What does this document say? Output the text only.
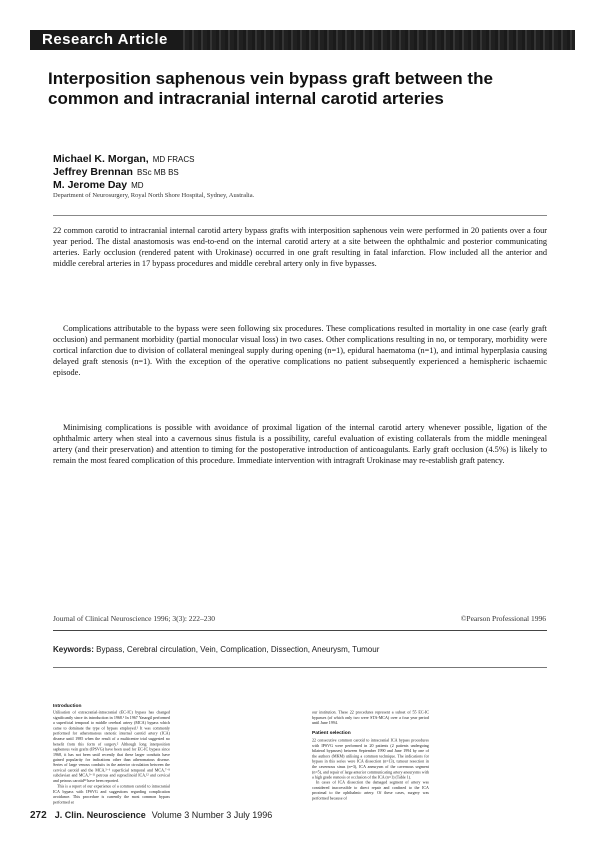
Research Article
Interposition saphenous vein bypass graft between the common and intracranial internal carotid arteries
Michael K. Morgan, MD FRACS
Jeffrey Brennan BSc MB BS
M. Jerome Day MD
Department of Neurosurgery, Royal North Shore Hospital, Sydney, Australia.

22 common carotid to intracranial internal carotid artery bypass grafts with interposition saphenous vein were performed in 20 patients over a four year period. The distal anastomosis was end-to-end on the internal carotid artery at a site between the ophthalmic and posterior communicating arteries. Early occlusion (rendered patent with Urokinase) occurred in one graft resulting in fatal infarction. Flow included all the anterior and middle cerebral arteries in 17 bypass procedures and middle cerebral artery only in five bypasses.

Complications attributable to the bypass were seen following six procedures. These complications resulted in mortality in one case (early graft occlusion) and permanent morbidity (partial monocular visual loss) in two cases. Other complications resulting in no, or temporary, morbidity were cortical infarction due to division of collateral meningeal supply during opening (n=1), epidural haematoma (n=1), and intimal hyperplasia causing delayed graft stenosis (n=1). With the exception of the operative complications no patient subsequently experienced a hemispheric ischaemic episode.

Minimising complications is possible with avoidance of proximal ligation of the internal carotid artery whenever possible, ligation of the ophthalmic artery when steal into a cavernous sinus fistula is a possibility, careful evaluation of existing collaterals from the middle meningeal artery (and their preservation) and attention to timing for the postoperative introduction of anticoagulants. Early graft occlusion (4.5%) is likely to remain the most feared complication of this procedure. Immediate intervention with intragraft Urokinase may re-establish graft patency.

Journal of Clinical Neuroscience 1996; 3(3): 222–230	©Pearson Professional 1996

Keywords: Bypass, Cerebral circulation, Vein, Complication, Dissection, Aneurysm, Tumour

Introduction

Utilisation of extracranial-intracranial (EC-IC) bypass has changed significantly since its introduction in 1968.¹ In 1967 Yasargil performed a superficial temporal to middle cerebral artery (MCA) bypass which came to dominate the type of bypass employed.¹ It was commonly performed for atheromatous stenotic internal carotid artery (ICA) disease until 1985 when the result of a multicentre trial suggested no benefit from this form of surgery.² Although long interposition saphenous vein grafts (IPSVG) have been used for EC-IC bypass since 1968, it has not been until recently that these larger conduits have gained popularity for indications other than atheromatous disease. Series of large venous conduits in the anterior circulation between the cervical carotid and the MCA,³⁻⁶ superficial temporal and MCA,⁷⁻⁸ subclavian and MCA,⁹⁻¹¹ petrous and supraclinoid ICA,¹² and cervical and petrous carotid¹³ have been reported.

This is a report of our experience of a common carotid to intracranial ICA bypass with IPSVG and suggestions regarding complication avoidance. This procedure is currently the most common bypass performed at

our institution. These 22 procedures represent a subset of 55 EC-IC bypasses (of which only two were STA-MCA) over a four year period until June 1994.

Patient selection

22 consecutive common carotid to intracranial ICA bypass procedures with IPSVG were performed in 20 patients (2 patients undergoing bilateral bypasses) between September 1990 and June 1994 by one of the authors (MKM) utilising a common technique. The indications for bypass in this series were ICA dissection (n=13), tumour resection in the cavernous sinus (n=3), ICA aneurysm of the cavernous segment (n=5), and repair of large anterior communicating artery aneurysms with a high grade stenosis or occlusion of the ICA (n=1) (Table 1).

In cases of ICA dissection the damaged segment of artery was considered inaccessible to direct repair and confined to the ICA proximal to the ophthalmic artery. Of these cases, surgery was performed because of

272 J. Clin. Neuroscience Volume 3 Number 3 July 1996
